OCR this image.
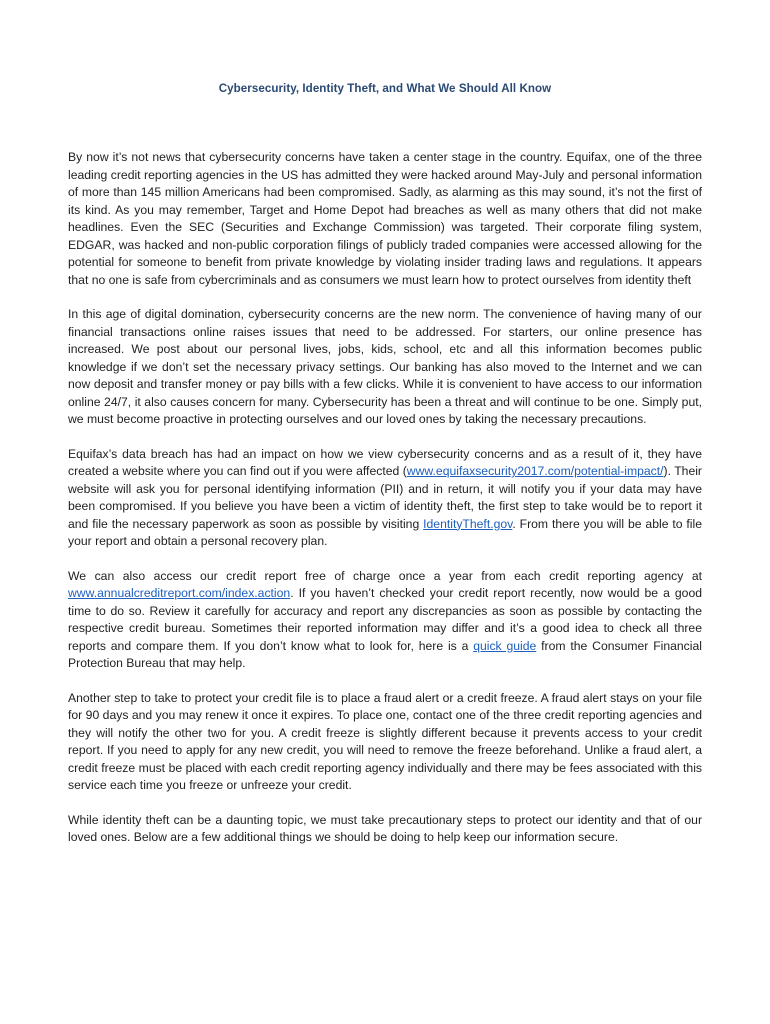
Cybersecurity, Identity Theft, and What We Should All Know

By now it’s not news that cybersecurity concerns have taken a center stage in the country. Equifax, one of the three leading credit reporting agencies in the US has admitted they were hacked around May-July and personal information of more than 145 million Americans had been compromised. Sadly, as alarming as this may sound, it’s not the first of its kind. As you may remember, Target and Home Depot had breaches as well as many others that did not make headlines. Even the SEC (Securities and Exchange Commission) was targeted. Their corporate filing system, EDGAR, was hacked and non-public corporation filings of publicly traded companies were accessed allowing for the potential for someone to benefit from private knowledge by violating insider trading laws and regulations. It appears that no one is safe from cybercriminals and as consumers we must learn how to protect ourselves from identity theft

In this age of digital domination, cybersecurity concerns are the new norm. The convenience of having many of our financial transactions online raises issues that need to be addressed. For starters, our online presence has increased. We post about our personal lives, jobs, kids, school, etc and all this information becomes public knowledge if we don’t set the necessary privacy settings. Our banking has also moved to the Internet and we can now deposit and transfer money or pay bills with a few clicks. While it is convenient to have access to our information online 24/7, it also causes concern for many. Cybersecurity has been a threat and will continue to be one. Simply put, we must become proactive in protecting ourselves and our loved ones by taking the necessary precautions.

Equifax’s data breach has had an impact on how we view cybersecurity concerns and as a result of it, they have created a website where you can find out if you were affected (www.equifaxsecurity2017.com/potential-impact/). Their website will ask you for personal identifying information (PII) and in return, it will notify you if your data may have been compromised. If you believe you have been a victim of identity theft, the first step to take would be to report it and file the necessary paperwork as soon as possible by visiting IdentityTheft.gov. From there you will be able to file your report and obtain a personal recovery plan.

We can also access our credit report free of charge once a year from each credit reporting agency at www.annualcreditreport.com/index.action. If you haven’t checked your credit report recently, now would be a good time to do so. Review it carefully for accuracy and report any discrepancies as soon as possible by contacting the respective credit bureau. Sometimes their reported information may differ and it’s a good idea to check all three reports and compare them. If you don’t know what to look for, here is a quick guide from the Consumer Financial Protection Bureau that may help.

Another step to take to protect your credit file is to place a fraud alert or a credit freeze. A fraud alert stays on your file for 90 days and you may renew it once it expires. To place one, contact one of the three credit reporting agencies and they will notify the other two for you. A credit freeze is slightly different because it prevents access to your credit report. If you need to apply for any new credit, you will need to remove the freeze beforehand. Unlike a fraud alert, a credit freeze must be placed with each credit reporting agency individually and there may be fees associated with this service each time you freeze or unfreeze your credit.

While identity theft can be a daunting topic, we must take precautionary steps to protect our identity and that of our loved ones. Below are a few additional things we should be doing to help keep our information secure.
